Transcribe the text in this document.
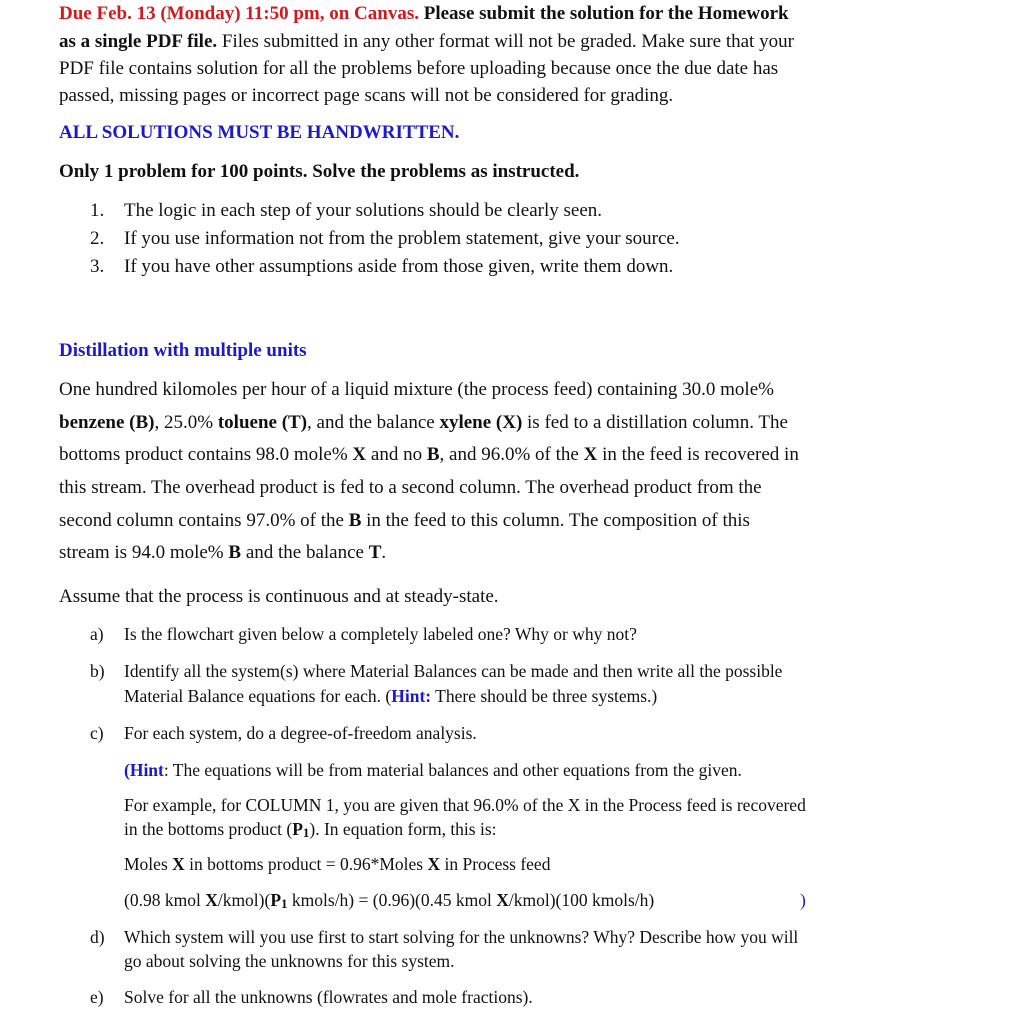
Due Feb. 13 (Monday) 11:50 pm, on Canvas. Please submit the solution for the Homework
as a single PDF file. Files submitted in any other format will not be graded. Make sure that your
PDF file contains solution for all the problems before uploading because once the due date has
passed, missing pages or incorrect page scans will not be considered for grading.
ALL SOLUTIONS MUST BE HANDWRITTEN.
Only 1 problem for 100 points. Solve the problems as instructed.
1. The logic in each step of your solutions should be clearly seen.
2. If you use information not from the problem statement, give your source.
3. If you have other assumptions aside from those given, write them down.
Distillation with multiple units
One hundred kilomoles per hour of a liquid mixture (the process feed) containing 30.0 mole%
benzene (B), 25.0% toluene (T), and the balance xylene (X) is fed to a distillation column. The
bottoms product contains 98.0 mole% X and no B, and 96.0% of the X in the feed is recovered in
this stream. The overhead product is fed to a second column. The overhead product from the
second column contains 97.0% of the B in the feed to this column. The composition of this
stream is 94.0 mole% B and the balance T.
Assume that the process is continuous and at steady-state.
a) Is the flowchart given below a completely labeled one? Why or why not?
b) Identify all the system(s) where Material Balances can be made and then write all the possible
Material Balance equations for each. (Hint: There should be three systems.)
c) For each system, do a degree-of-freedom analysis.
(Hint: The equations will be from material balances and other equations from the given.
For example, for COLUMN 1, you are given that 96.0% of the X in the Process feed is recovered
in the bottoms product (P1). In equation form, this is:
Moles X in bottoms product = 0.96*Moles X in Process feed
(0.98 kmol X/kmol)(P1 kmols/h) = (0.96)(0.45 kmol X/kmol)(100 kmols/h)	)
d) Which system will you use first to start solving for the unknowns? Why? Describe how you will
go about solving the unknowns for this system.
e) Solve for all the unknowns (flowrates and mole fractions).
